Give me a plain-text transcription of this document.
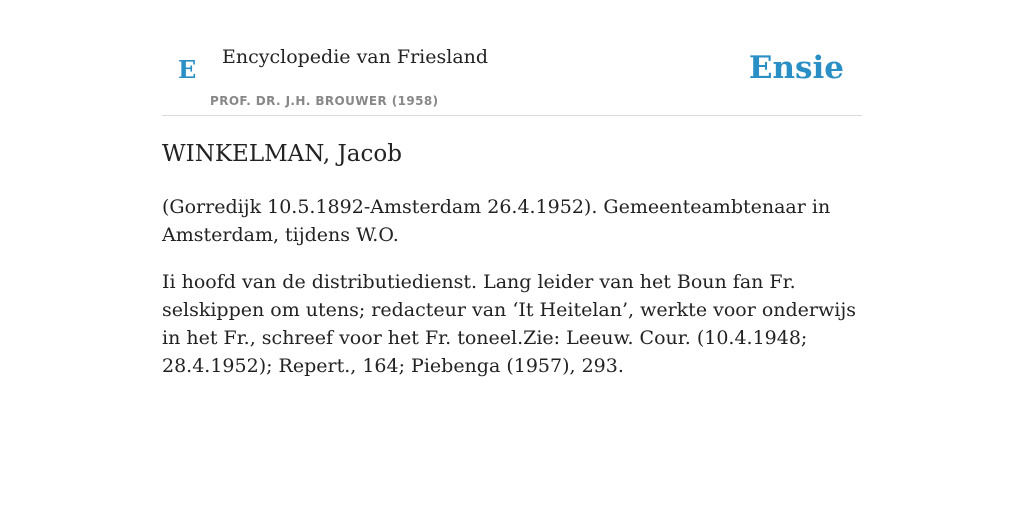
E Encyclopedie van Friesland
PROF. DR. J.H. BROUWER (1958)
Ensie
WINKELMAN, Jacob

(Gorredijk 10.5.1892-Amsterdam 26.4.1952). Gemeenteambtenaar in Amsterdam, tijdens W.O.

Ii hoofd van de distributiedienst. Lang leider van het Boun fan Fr. selskippen om utens; redacteur van ‘It Heitelan’, werkte voor onderwijs in het Fr., schreef voor het Fr. toneel.Zie: Leeuw. Cour. (10.4.1948; 28.4.1952); Repert., 164; Piebenga (1957), 293.
